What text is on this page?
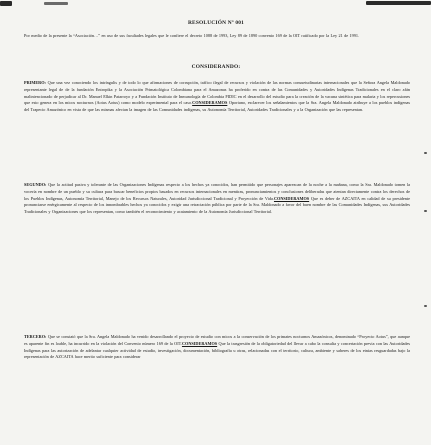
RESOLUCIÓN Nº 001

Por medio de la presente la “Asociación…” en uso de sus facultades legales que le confiere el decreto 1088 de 1993, Ley 89 de 1890 convenio 169 de la OIT ratificado por la Ley 21 de 1991.

CONSIDERANDO:

PRIMERO: Que una vez conociendo los intríngulis y de todo lo que afirmaciones de corrupción, tráfico ilegal de recursos y violación de las normas consuetudinarias internacionales que la Señora Angela Maldonado representante legal de de la fundación Entropika y la Asociación Primatológica Colombiana para el Amazonas ha proferido en contra de las Comunidades y Autoridades Indígenas Tradicionales en el claro afán malintencionado de perjudicar al Dr. Manuel Elkin Patarroyo y a Fundación Instituto de Inmunología de Colombia FIDIC en el desarrollo del estudio para la creación de la vacuna sintética para malaria y los repercusiones que esto genera en los micos nocturnos (Aotus Aotus) como modelo experimental para el caso.CONSIDERAMOS Oportuno, esclarecer los señalamientos que la Sra. Angela Maldonado atribuye a los pueblos indígenas del Trapecio Amazónico en vista de que las mismas afectan la imagen de las Comunidades indígenas, su Autonomía Territorial, Autoridades Tradicionales y a la Organización que las representan.

SEGUNDO: Que la actitud pasiva y tolerante de las Organizaciones Indígenas respecto a los hechos ya conocidos, han permitido que personajes aparezcan de la noche a la mañana, como la Sra. Maldonado tomen la vocería en nombre de un pueblo y su cultura para buscar beneficios propios basados en recursos internacionales en mentiras, pronunciamientos y conclusiones deliberadas que atentan directamente contra los derechos de los Pueblos Indígenas, Autonomía Territorial, Manejo de los Recursos Naturales, Autoridad Jurisdiccional Tradicional y Proyección de Vida.CONSIDERAMOS Que es deber de AZCAITA en calidad de su presidente pronunciarse enérgicamente al respecto de los innombrables hechos ya conocidos y exigir una retractación pública por parte de la Sra. Maldonado a favor del buen nombre de las Comunidades Indígenas, sus Autoridades Tradicionales y Organizaciones que los representan, como también el reconocimiento y acatamiento de la Autonomía Jurisdiccional Territorial.

TERCERO: Que se constató que la Sra. Angela Maldonado ha venido desarrollando el proyecto de estudio con micos a la conservación de los primates nocturnos Amazónicos, denominado “Proyecto Aotus”, que aunque es aparente fin es loable, ha incurrido en la violación del Convenio número 169 de la OIT.CONSIDERAMOS Que la trasgresión de la obligatoriedad del llevar a cabo la consulta y concertación previa con las Autoridades Indígenas para las autorización de adelantar cualquier actividad de estudio, investigación, documentación, bibliografía u otras, relacionadas con el territorio, cultura, ambiente y saberes de los etnias resguardadas bajo la representación de AZCAITA hace merito suficiente para considerar
